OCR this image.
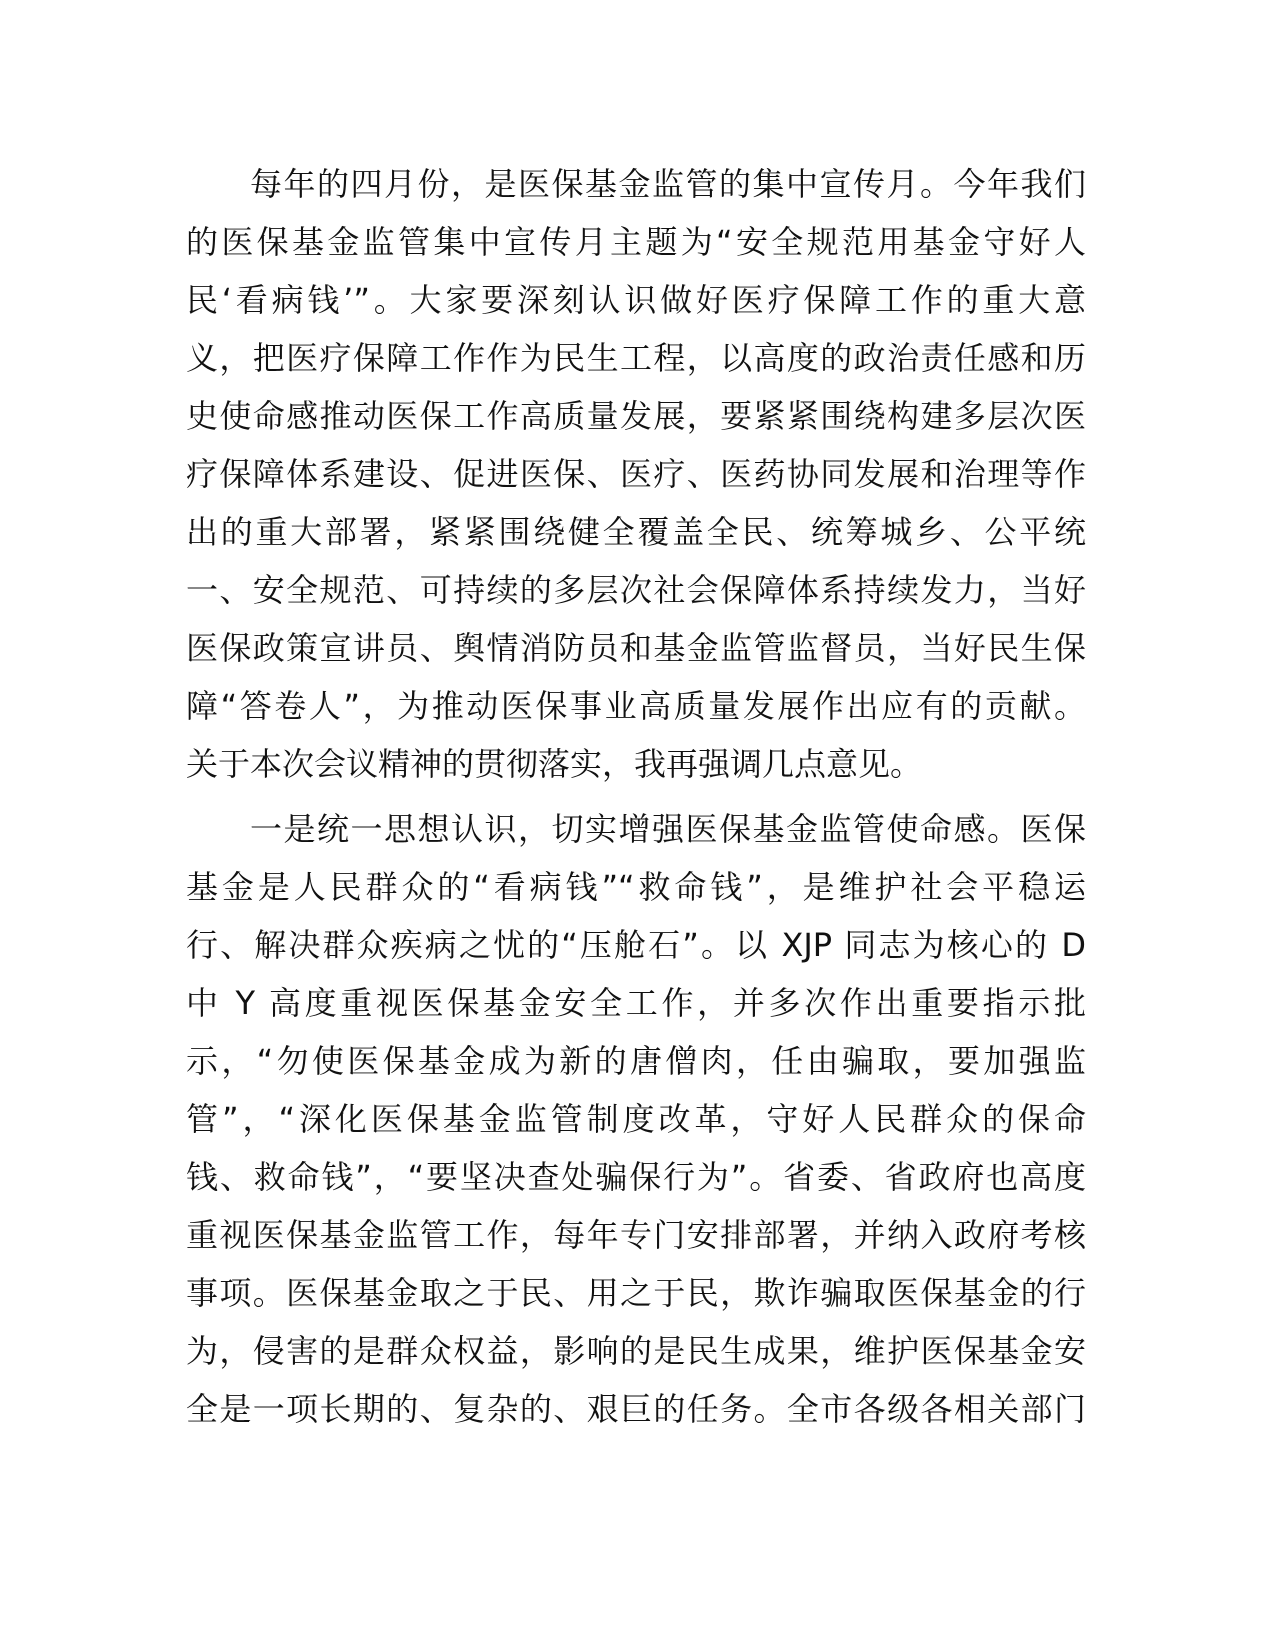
每年的四月份，是医保基金监管的集中宣传月。今年我们
的医保基金监管集中宣传月主题为“安全规范用基金守好人
民‘看病钱’”。大家要深刻认识做好医疗保障工作的重大意
义，把医疗保障工作作为民生工程，以高度的政治责任感和历
史使命感推动医保工作高质量发展，要紧紧围绕构建多层次医
疗保障体系建设、促进医保、医疗、医药协同发展和治理等作
出的重大部署，紧紧围绕健全覆盖全民、统筹城乡、公平统
一、安全规范、可持续的多层次社会保障体系持续发力，当好
医保政策宣讲员、舆情消防员和基金监管监督员，当好民生保
障“答卷人”，为推动医保事业高质量发展作出应有的贡献。
关于本次会议精神的贯彻落实，我再强调几点意见。
一是统一思想认识，切实增强医保基金监管使命感。医保
基金是人民群众的“看病钱”“救命钱”，是维护社会平稳运
行、解决群众疾病之忧的“压舱石”。以 XJP 同志为核心的 D
中 Y 高度重视医保基金安全工作，并多次作出重要指示批
示，“勿使医保基金成为新的唐僧肉，任由骗取，要加强监
管”，“深化医保基金监管制度改革，守好人民群众的保命
钱、救命钱”，“要坚决查处骗保行为”。省委、省政府也高度
重视医保基金监管工作，每年专门安排部署，并纳入政府考核
事项。医保基金取之于民、用之于民，欺诈骗取医保基金的行
为，侵害的是群众权益，影响的是民生成果，维护医保基金安
全是一项长期的、复杂的、艰巨的任务。全市各级各相关部门
